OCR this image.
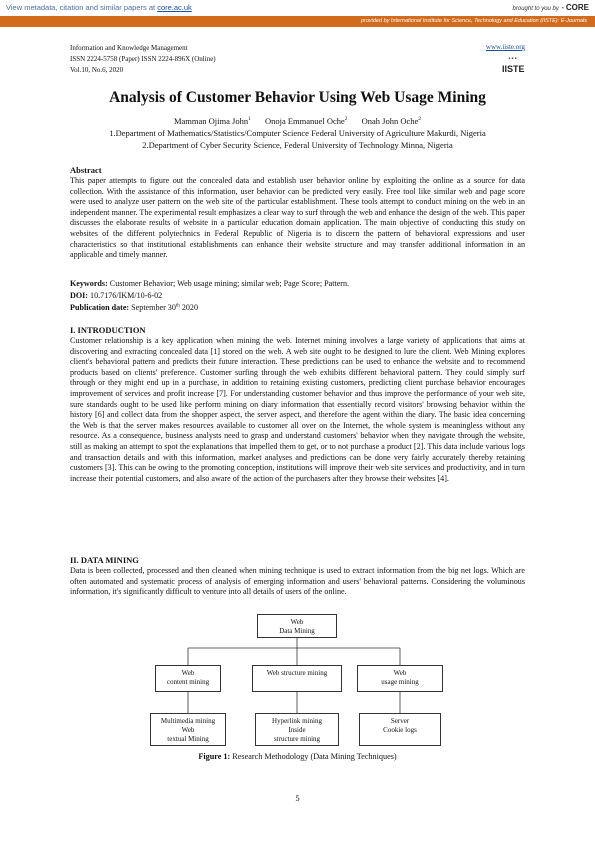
View metadata, citation and similar papers at core.ac.uk	brought to you by ◔ CORE
provided by International Institute for Science, Technology and Education (IISTE): E-Journals
Information and Knowledge Management
ISSN 2224-5758 (Paper) ISSN 2224-896X (Online)
Vol.10, No.6, 2020
www.iiste.org
▪▪▪
IISTE
Analysis of Customer Behavior Using Web Usage Mining
Mamman Ojima John$^1$ Onoja Emmanuel Oche$^2$ Onah John Oche$^2$
1.Department of Mathematics/Statistics/Computer Science Federal University of Agriculture Makurdi, Nigeria
2.Department of Cyber Security Science, Federal University of Technology Minna, Nigeria
Abstract
This paper attempts to figure out the concealed data and establish user behavior online by exploiting the online as a source for data collection. With the assistance of this information, user behavior can be predicted very easily. Free tool like similar web and page score were used to analyze user pattern on the web site of the particular establishment. These tools attempt to conduct mining on the web in an independent manner. The experimental result emphasizes a clear way to surf through the web and enhance the design of the web. This paper discusses the elaborate results of website in a particular education domain application. The main objective of conducting this study on websites of the different polytechnics in Federal Republic of Nigeria is to discern the pattern of behavioral expressions and user characteristics so that institutional establishments can enhance their website structure and may transfer additional information in an applicable and timely manner.
Keywords: Customer Behavior; Web usage mining; similar web; Page Score; Pattern.
DOI: 10.7176/IKM/10-6-02
Publication date: September 30th 2020
I. INTRODUCTION
Customer relationship is a key application when mining the web. Internet mining involves a large variety of applications that aims at discovering and extracting concealed data [1] stored on the web. A web site ought to be designed to lure the client. Web Mining explores client's behavioral pattern and predicts their future interaction. These predictions can be used to enhance the website and to recommend products based on clients' preference. Customer surfing through the web exhibits different behavioral pattern. They could simply surf through or they might end up in a purchase, in addition to retaining existing customers, predicting client purchase behavior encourages improvement of services and profit increase [7]. For understanding customer behavior and thus improve the performance of your web site, sure standards ought to be used like perform mining on diary information that essentially record visitors' browsing behavior within the history [6] and collect data from the shopper aspect, the server aspect, and therefore the agent within the diary. The basic idea concerning the Web is that the server makes resources available to customer all over on the Internet, the whole system is meaningless without any resource. As a consequence, business analysts need to grasp and understand customers' behavior when they navigate through the website, still as making an attempt to spot the explanations that impelled them to get, or to not purchase a product [2]. This data include various logs and transaction details and with this information, market analyses and predictions can be done very fairly accurately thereby retaining customers [3]. This can be owing to the promoting conception, institutions will improve their web site services and productivity, and in turn increase their potential customers, and also aware of the action of the purchasers after they browse their websites [4].
II. DATA MINING
Data is been collected, processed and then cleaned when mining technique is used to extract information from the big net logs. Which are often automated and systematic process of analysis of emerging information and users' behavioral patterns. Considering the voluminous information, it's significantly difficult to venture into all details of users of the online.
Web
Data Mining
Web
content mining
Web structure mining	Web
usage mining
Multimedia mining
Web
textual Mining
Hyperlink mining
Inside
structure mining
Server
Cookie logs
Figure 1: Research Methodology (Data Mining Techniques)
5
